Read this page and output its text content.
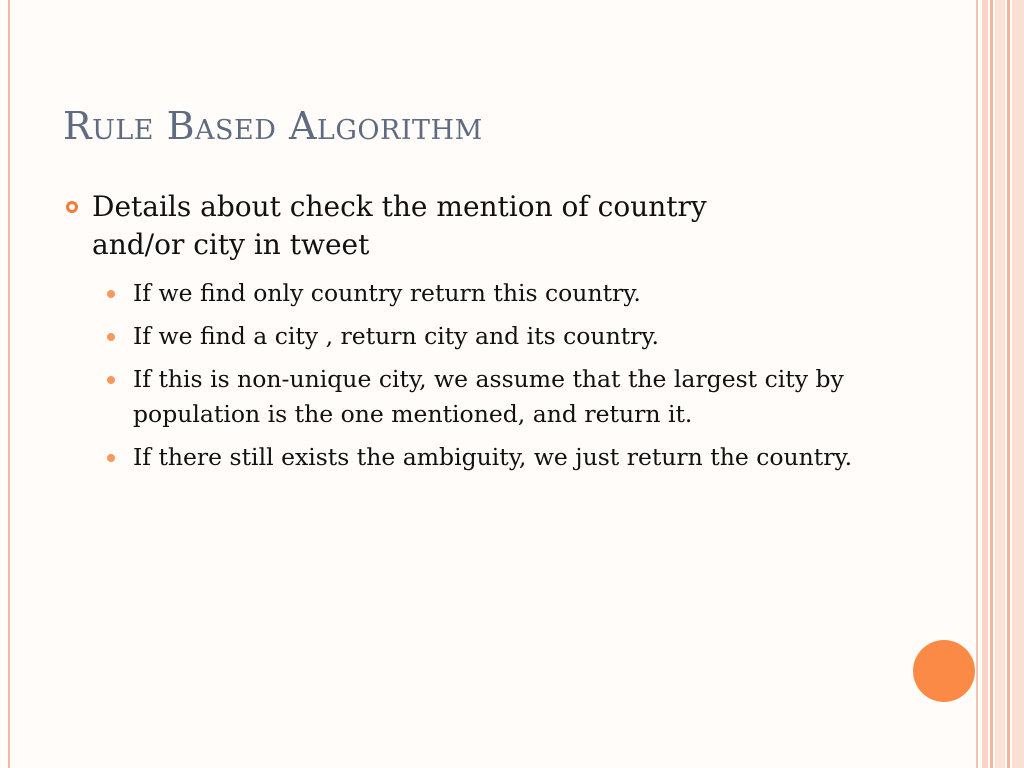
Rule Based Algorithm
Details about check the mention of country and/or city in tweet
If we find only country return this country.
If we find a city , return city and its country.
If this is non-unique city, we assume that the largest city by population is the one mentioned, and return it.
If there still exists the ambiguity, we just return the country.
